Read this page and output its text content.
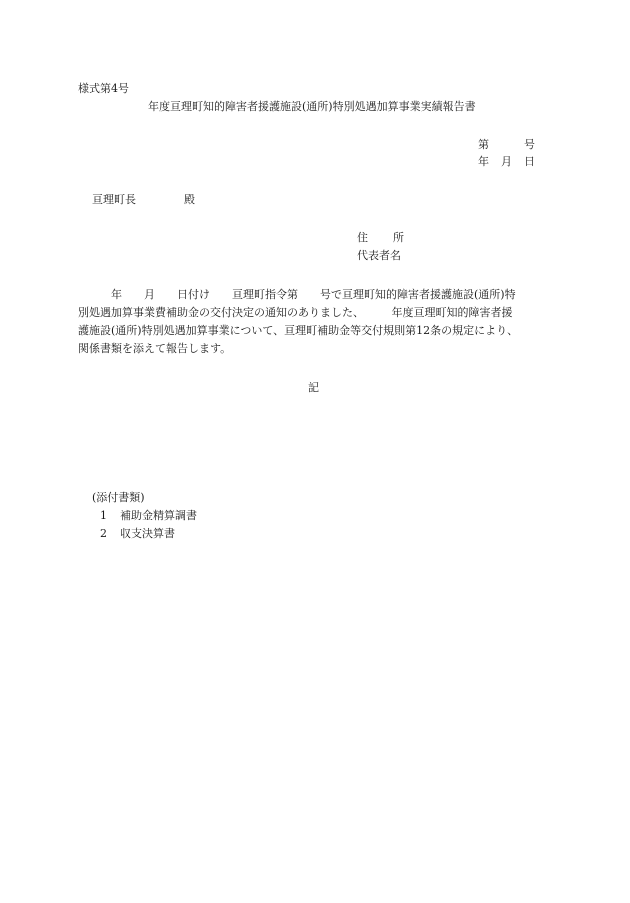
様式第4号
年度亘理町知的障害者援護施設(通所)特別処遇加算事業実績報告書
第	号
年 月 日
亘理町長	殿
住 所
代表者名
　　　年　　月　　日付け　　亘理町指令第　　号で亘理町知的障害者援護施設(通所)特
別処遇加算事業費補助金の交付決定の通知のありました、　　　年度亘理町知的障害者援
護施設(通所)特別処遇加算事業について、亘理町補助金等交付規則第12条の規定により、
関係書類を添えて報告します。
記
(添付書類)
1 補助金精算調書
2 収支決算書
